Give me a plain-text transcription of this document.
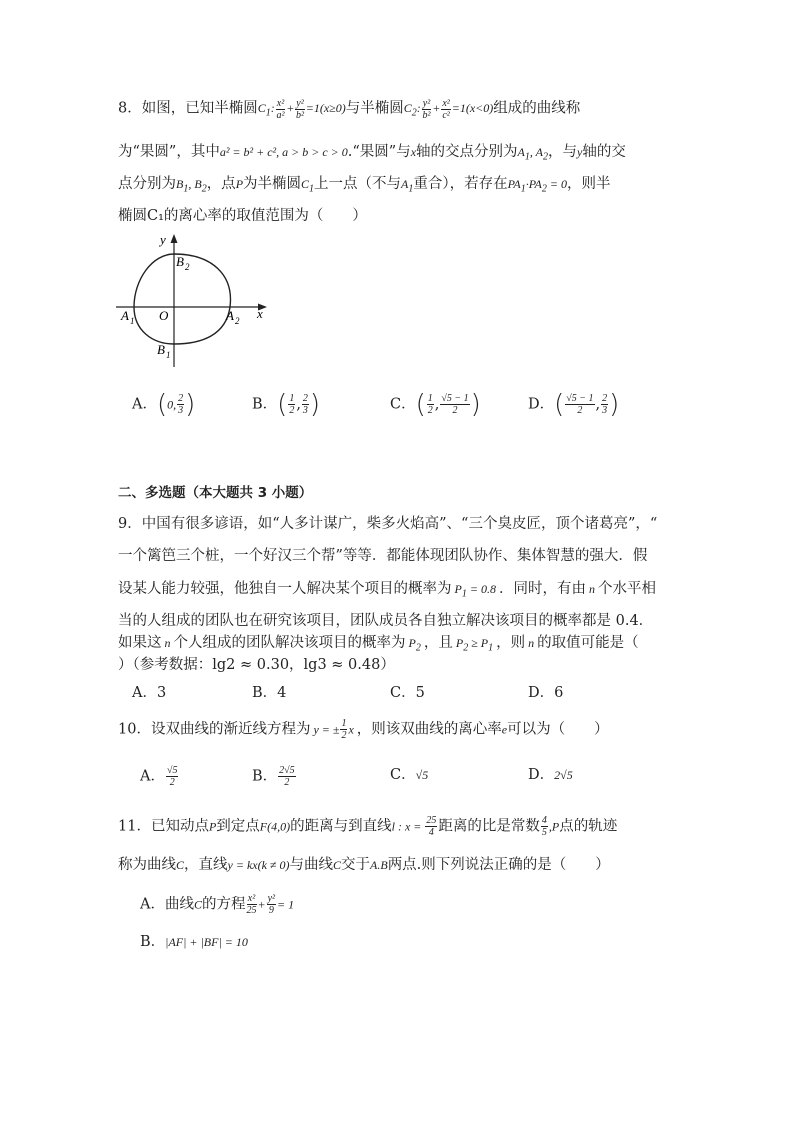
8．如图，已知半椭圆$C_1$: $\frac{\text{x²}}{\text{a²}} + \frac{\text{y²}}{\text{b²}} =1(x\ge 0)$与半椭圆$C_2$: $\frac{\text{y²}}{\text{b²}} + \frac{\text{x²}}{\text{c²}} =1(x<0)$组成的曲线称
为“果圆”，其中a² = b² + c², a > b > c > 0.“果圆”与x轴的交点分别为$A_1$, $A_2$，与y轴的交
点分别为$B_1$, $B_2$，点P为半椭圆$C_1$上一点（不与$A_1$重合），若存在$PA_1\cdot PA_2 = 0$，则半
椭圆C₁的离心率的取值范围为（　　）
y
x
O
B 2
B 1
A 1	A 2
A．(0, $\frac{2}{3}$ )	B．( $\frac{1}{2}$ , $\frac{2}{3}$ )	C．( $\frac{1}{2}$ , $\frac{√5 - 1}{2}$ )	D．( $\frac{√5 - 1}{2}$ , $\frac{2}{3}$ )
二、多选题（本大题共 3 小题）
9．中国有很多谚语，如“人多计谋广，柴多火焰高”、“三个臭皮匠，顶个诸葛亮”，“
一个篱笆三个桩，一个好汉三个帮”等等．都能体现团队协作、集体智慧的强大．假
设某人能力较强，他独自一人解决某个项目的概率为 $P_1 = 0.8$ ．同时，有由 n 个水平相
当的人组成的团队也在研究该项目，团队成员各自独立解决该项目的概率都是 0.4．
如果这 n 个人组成的团队解决该项目的概率为 $P_2$ ，且 $P_2 \ge P_1$ ，则 n 的取值可能是（
）（参考数据：lg2 ≈ 0.30，lg3 ≈ 0.48）
A．3	B．4	C．5	D．6
10．设双曲线的渐近线方程为 y = ± $\frac{1}{2}$ x ，则该双曲线的离心率e可以为（　　）
A． $\frac{√5}{2}$	B． $\frac{2√5}{2}$	C．√5	D．2√5
11．已知动点P到定点F(4,0)的距离与到直线l : $x = \frac{25}{4}$ 距离的比是常数 $\frac{4}{5} ,P$点的轨迹
称为曲线C，直线y = kx(k ≠ 0)与曲线C交于A.B两点.则下列说法正确的是（　　）
A．曲线C的方程 $\frac{\text{x²}}{25} + \frac{\text{y²}}{9} = 1$
B．|AF| + |BF| = 10
